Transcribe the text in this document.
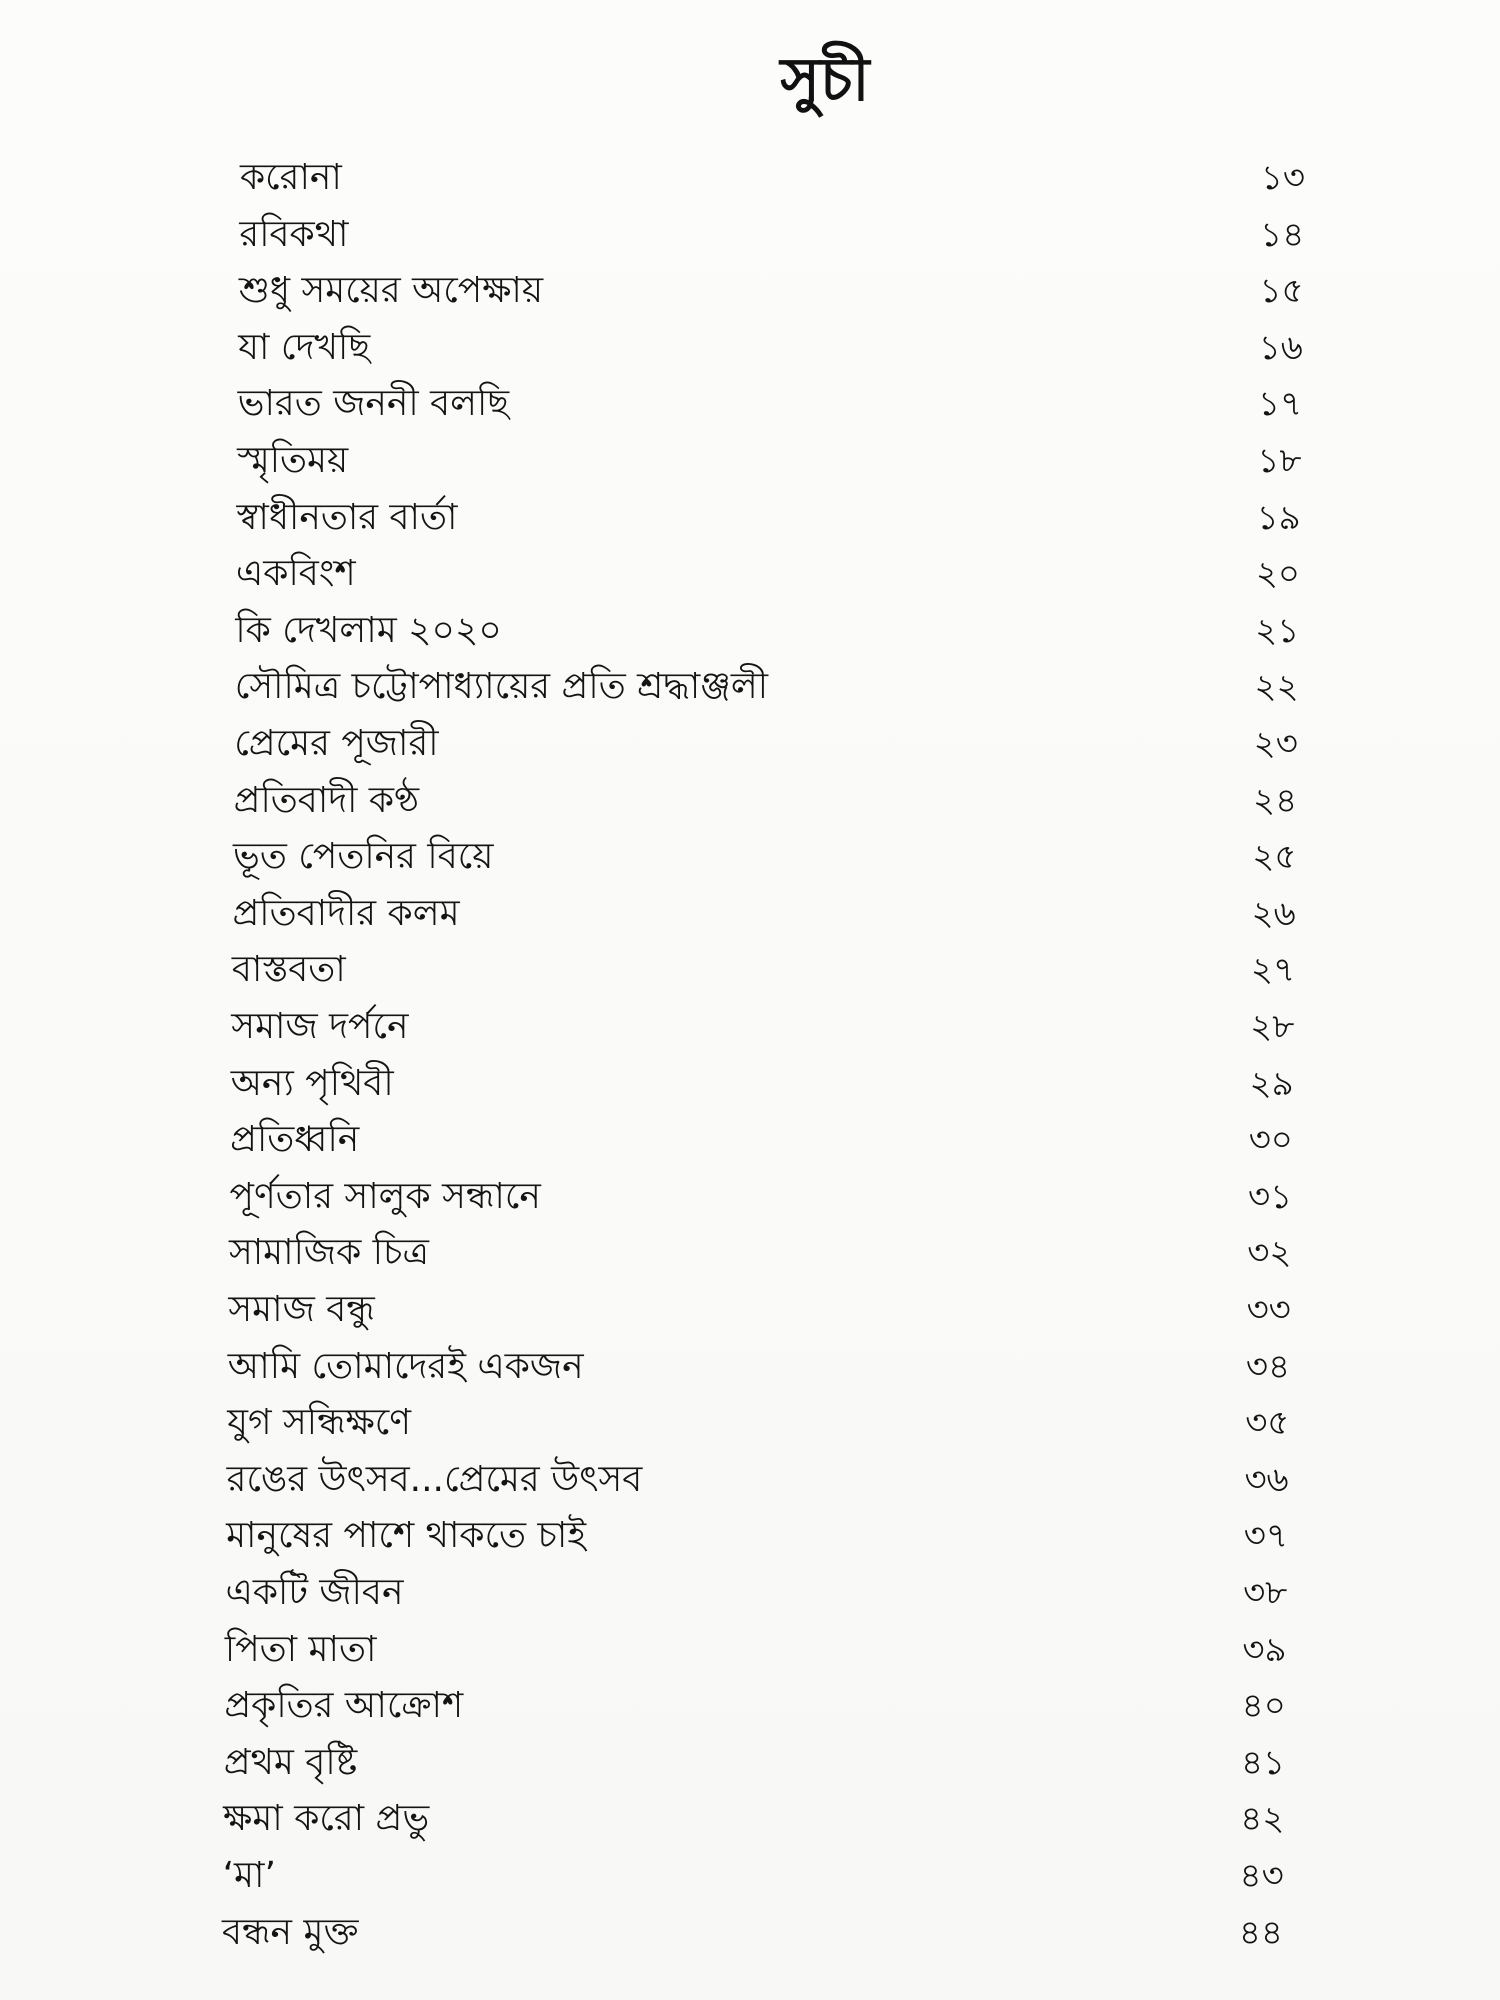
সুচী
করোনা	১৩
রবিকথা	১৪
শুধু সময়ের অপেক্ষায়	১৫
যা দেখছি	১৬
ভারত জননী বলছি	১৭
স্মৃতিময়	১৮
স্বাধীনতার বার্তা	১৯
একবিংশ	২০
কি দেখলাম ২০২০	২১
সৌমিত্র চট্টোপাধ্যায়ের প্রতি শ্রদ্ধাঞ্জলী	২২
প্রেমের পূজারী	২৩
প্রতিবাদী কণ্ঠ	২৪
ভূত পেতনির বিয়ে	২৫
প্রতিবাদীর কলম	২৬
বাস্তবতা	২৭
সমাজ দর্পনে	২৮
অন্য পৃথিবী	২৯
প্রতিধ্বনি	৩০
পূর্ণতার সালুক সন্ধানে	৩১
সামাজিক চিত্র	৩২
সমাজ বন্ধু	৩৩
আমি তোমাদেরই একজন	৩৪
যুগ সন্ধিক্ষণে	৩৫
রঙের উৎসব...প্রেমের উৎসব	৩৬
মানুষের পাশে থাকতে চাই	৩৭
একটি জীবন	৩৮
পিতা মাতা	৩৯
প্রকৃতির আক্রোশ	৪০
প্রথম বৃষ্টি	৪১
ক্ষমা করো প্রভু	৪২
‘মা’	৪৩
বন্ধন মুক্ত	৪৪
